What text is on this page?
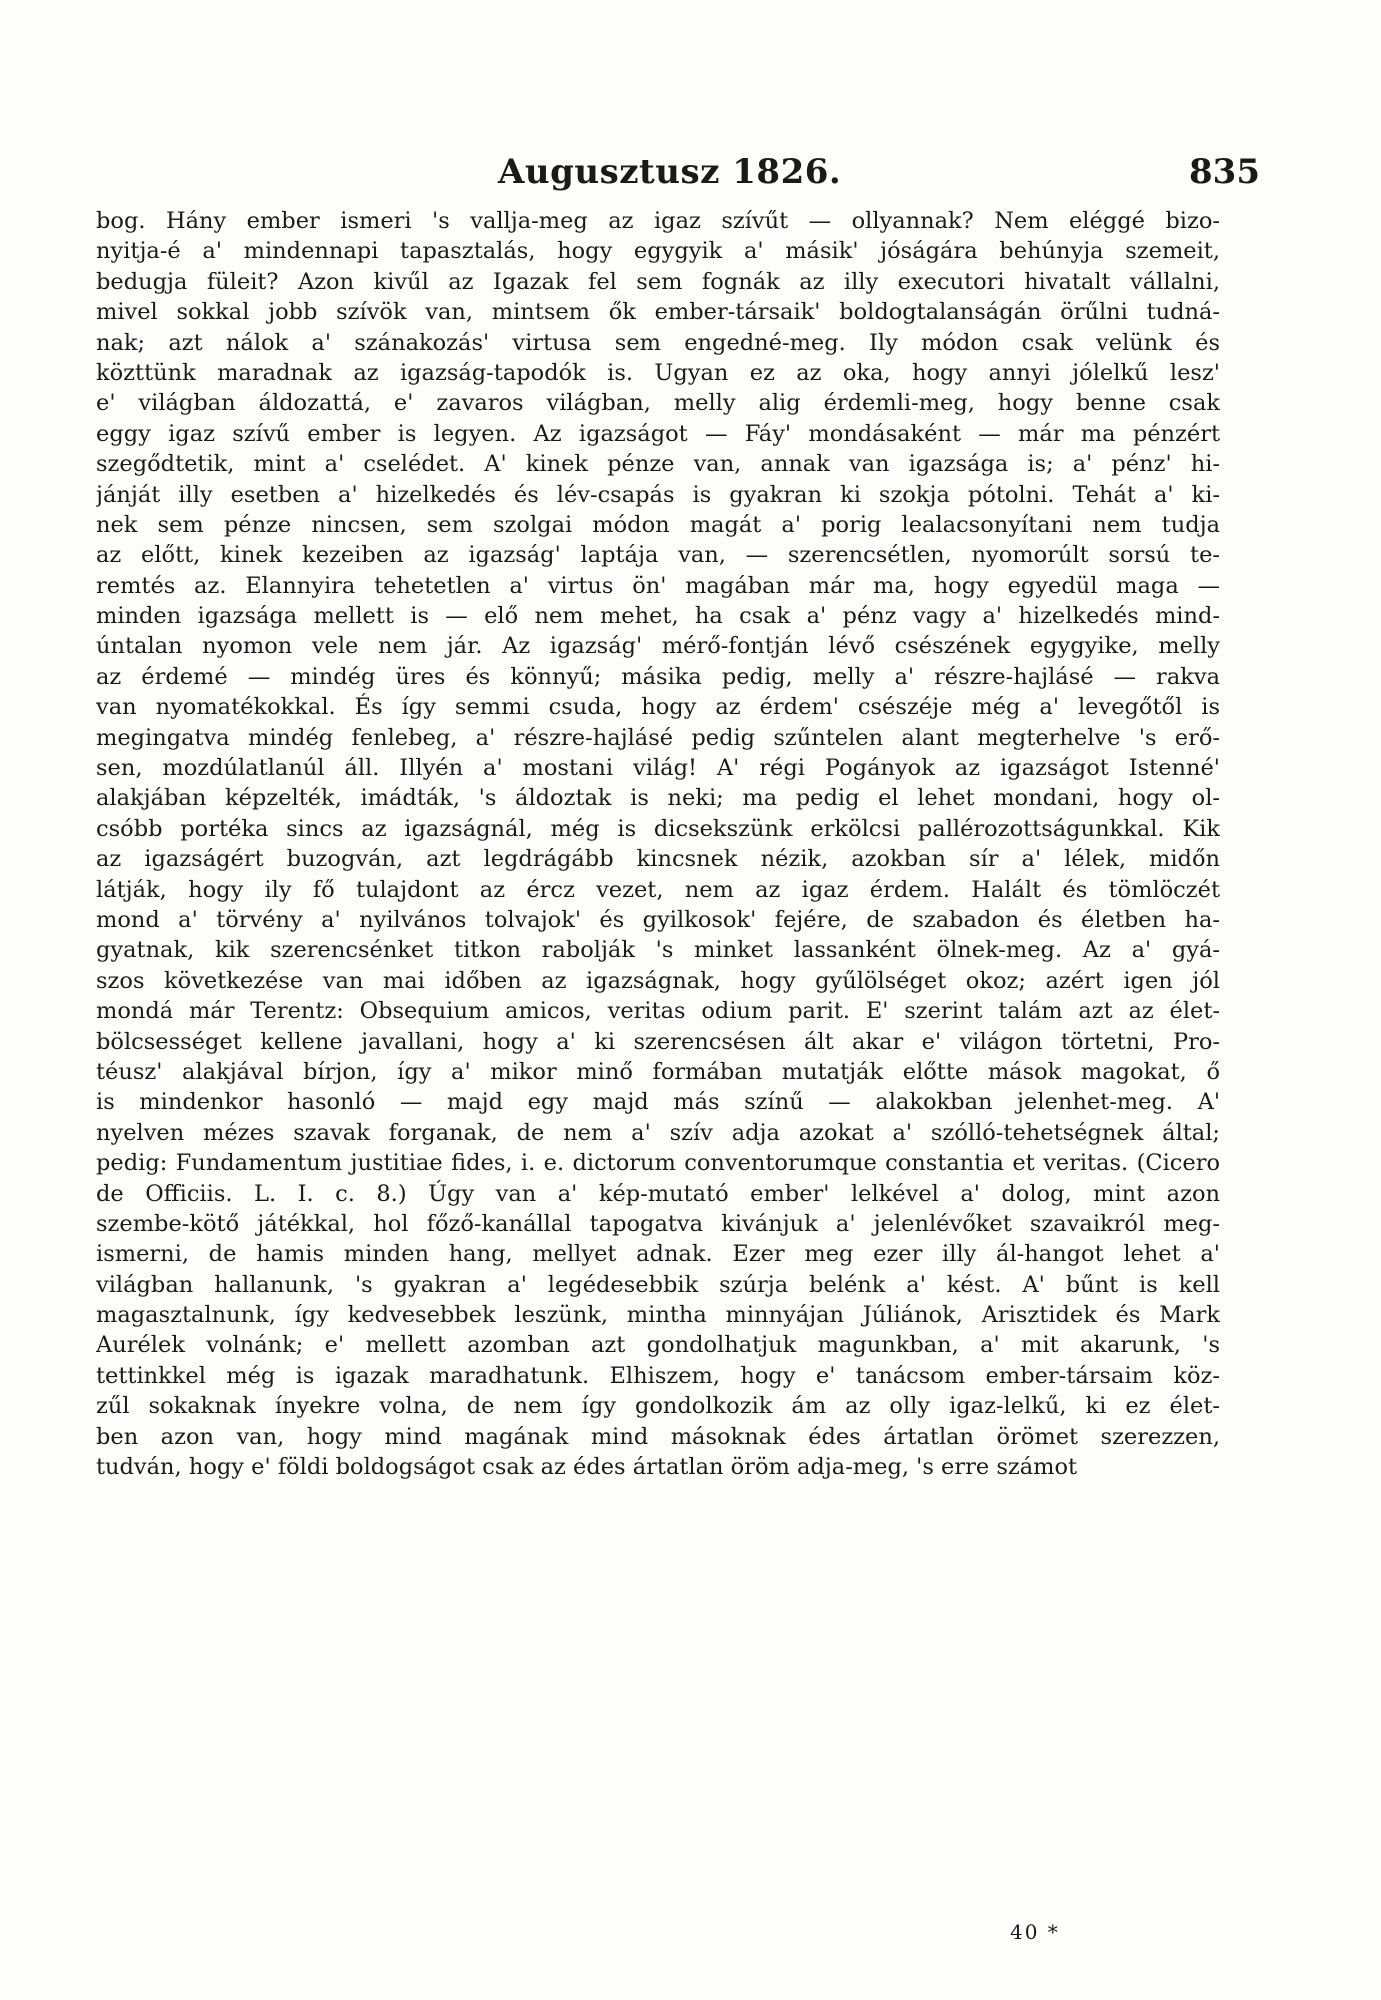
Augusztusz 1826.	835
bog. Hány ember ismeri 's vallja-meg az igaz szívűt — ollyannak? Nem eléggé bizo-
nyitja-é a' mindennapi tapasztalás, hogy egygyik a' másik' jóságára behúnyja szemeit,
bedugja füleit? Azon kivűl az Igazak fel sem fognák az illy executori hivatalt vállalni,
mivel sokkal jobb szívök van, mintsem ők ember-társaik' boldogtalanságán örűlni tudná-
nak; azt nálok a' szánakozás' virtusa sem engedné-meg. Ily módon csak velünk és
közttünk maradnak az igazság-tapodók is. Ugyan ez az oka, hogy annyi jólelkű lesz'
e' világban áldozattá, e' zavaros világban, melly alig érdemli-meg, hogy benne csak
eggy igaz szívű ember is legyen. Az igazságot — Fáy' mondásaként — már ma pénzért
szegődtetik, mint a' cselédet. A' kinek pénze van, annak van igazsága is; a' pénz' hi-
jánját illy esetben a' hizelkedés és lév-csapás is gyakran ki szokja pótolni. Tehát a' ki-
nek sem pénze nincsen, sem szolgai módon magát a' porig lealacsonyítani nem tudja
az előtt, kinek kezeiben az igazság' laptája van, — szerencsétlen, nyomorúlt sorsú te-
remtés az. Elannyira tehetetlen a' virtus ön' magában már ma, hogy egyedül maga —
minden igazsága mellett is — elő nem mehet, ha csak a' pénz vagy a' hizelkedés mind-
úntalan nyomon vele nem jár. Az igazság' mérő-fontján lévő csészének egygyike, melly
az érdemé — mindég üres és könnyű; másika pedig, melly a' részre-hajlásé — rakva
van nyomatékokkal. És így semmi csuda, hogy az érdem' csészéje még a' levegőtől is
megingatva mindég fenlebeg, a' részre-hajlásé pedig szűntelen alant megterhelve 's erő-
sen, mozdúlatlanúl áll. Illyén a' mostani világ! A' régi Pogányok az igazságot Istenné'
alakjában képzelték, imádták, 's áldoztak is neki; ma pedig el lehet mondani, hogy ol-
csóbb portéka sincs az igazságnál, még is dicsekszünk erkölcsi pallérozottságunkkal. Kik
az igazságért buzogván, azt legdrágább kincsnek nézik, azokban sír a' lélek, midőn
látják, hogy ily fő tulajdont az ércz vezet, nem az igaz érdem. Halált és tömlöczét
mond a' törvény a' nyilvános tolvajok' és gyilkosok' fejére, de szabadon és életben ha-
gyatnak, kik szerencsénket titkon rabolják 's minket lassanként ölnek-meg. Az a' gyá-
szos következése van mai időben az igazságnak, hogy gyűlölséget okoz; azért igen jól
mondá már Terentz: Obsequium amicos, veritas odium parit. E' szerint talám azt az élet-
bölcsességet kellene javallani, hogy a' ki szerencsésen ált akar e' világon törtetni, Pro-
téusz' alakjával bírjon, így a' mikor minő formában mutatják előtte mások magokat, ő
is mindenkor hasonló — majd egy majd más színű — alakokban jelenhet-meg. A'
nyelven mézes szavak forganak, de nem a' szív adja azokat a' szólló-tehetségnek által;
pedig: Fundamentum justitiae fides, i. e. dictorum conventorumque constantia et veritas. (Cicero
de Officiis. L. I. c. 8.) Úgy van a' kép-mutató ember' lelkével a' dolog, mint azon
szembe-kötő játékkal, hol főző-kanállal tapogatva kivánjuk a' jelenlévőket szavaikról meg-
ismerni, de hamis minden hang, mellyet adnak. Ezer meg ezer illy ál-hangot lehet a'
világban hallanunk, 's gyakran a' legédesebbik szúrja belénk a' kést. A' bűnt is kell
magasztalnunk, így kedvesebbek leszünk, mintha minnyájan Júliánok, Arisztidek és Mark
Aurélek volnánk; e' mellett azomban azt gondolhatjuk magunkban, a' mit akarunk, 's
tettinkkel még is igazak maradhatunk. Elhiszem, hogy e' tanácsom ember-társaim köz-
zűl sokaknak ínyekre volna, de nem így gondolkozik ám az olly igaz-lelkű, ki ez élet-
ben azon van, hogy mind magának mind másoknak édes ártatlan örömet szerezzen,
tudván, hogy e' földi boldogságot csak az édes ártatlan öröm adja-meg, 's erre számot
40 *
